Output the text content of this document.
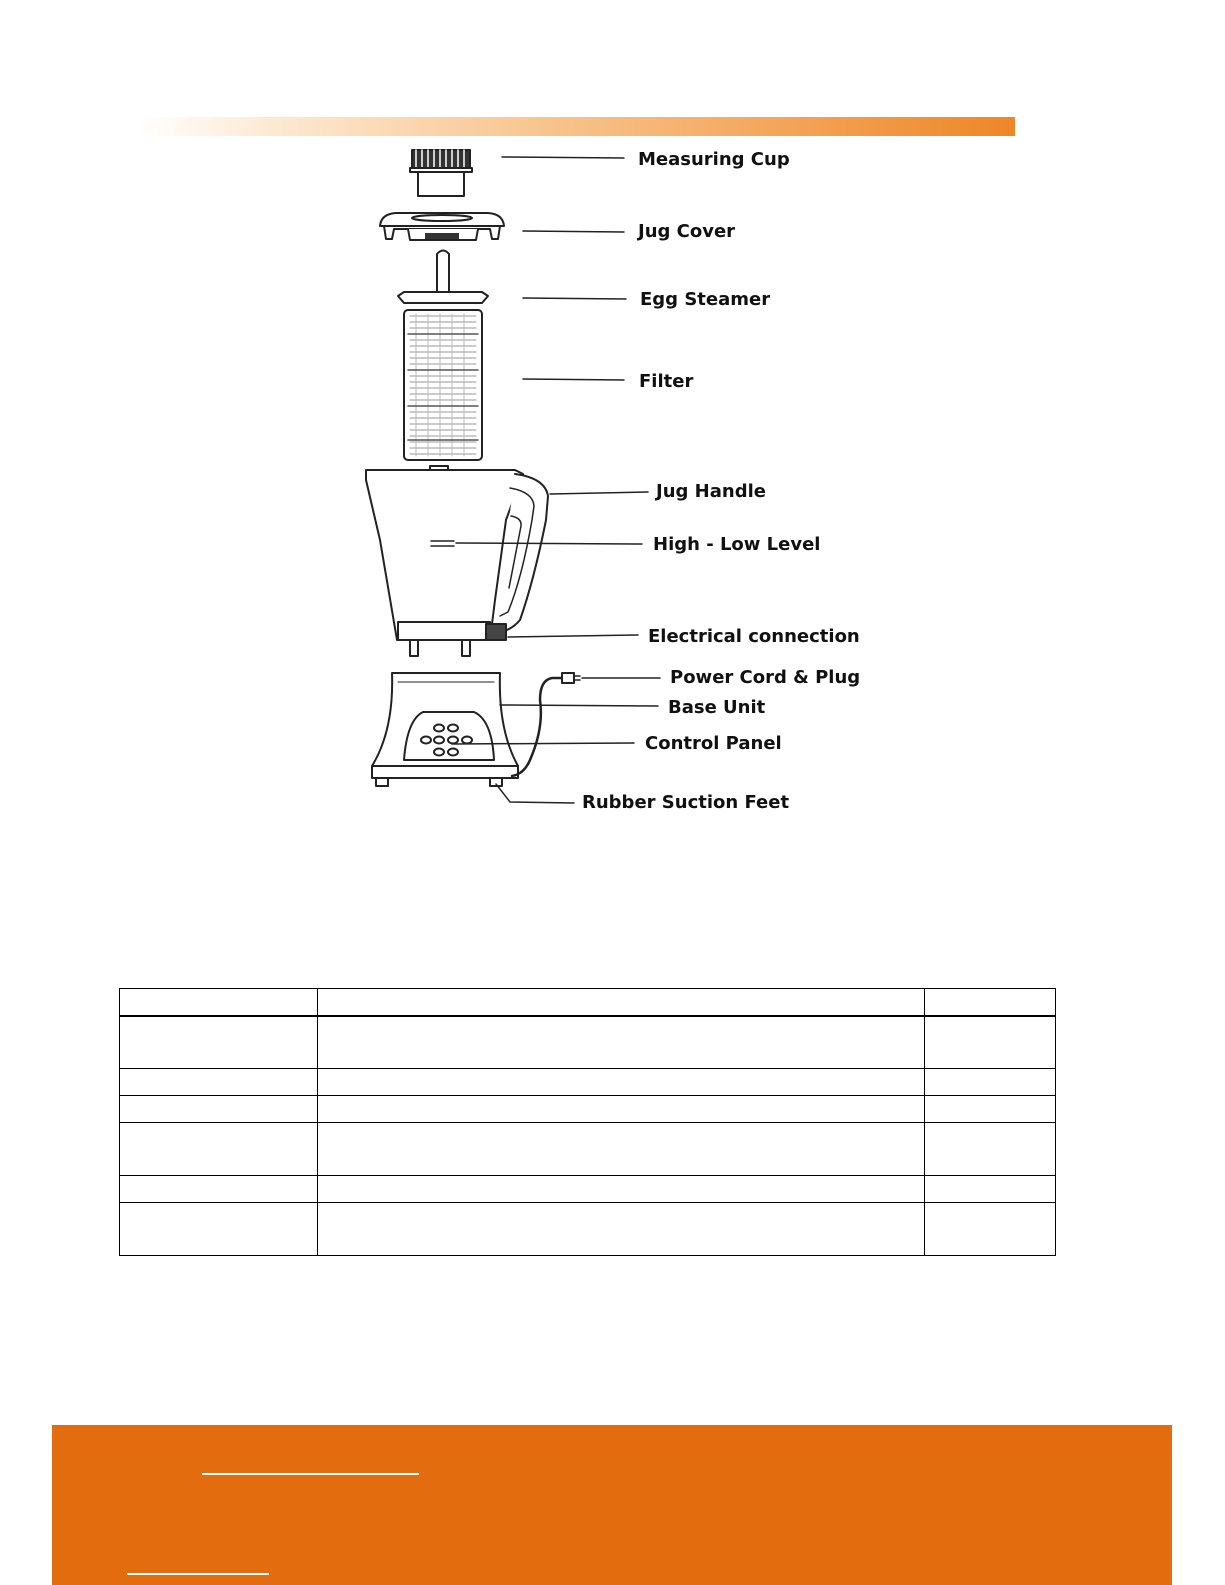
Measuring Cup
Jug Cover
Egg Steamer
Filter
Jug Handle
High - Low Level
Electrical connection
Power Cord & Plug
Base Unit
Control Panel
Rubber Suction Feet
